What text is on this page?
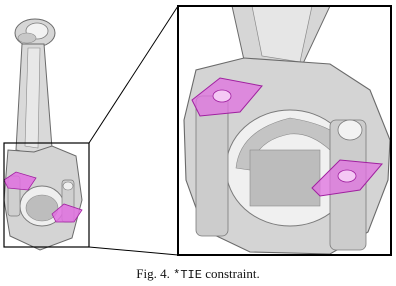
Fig. 4. *TIE constraint.
